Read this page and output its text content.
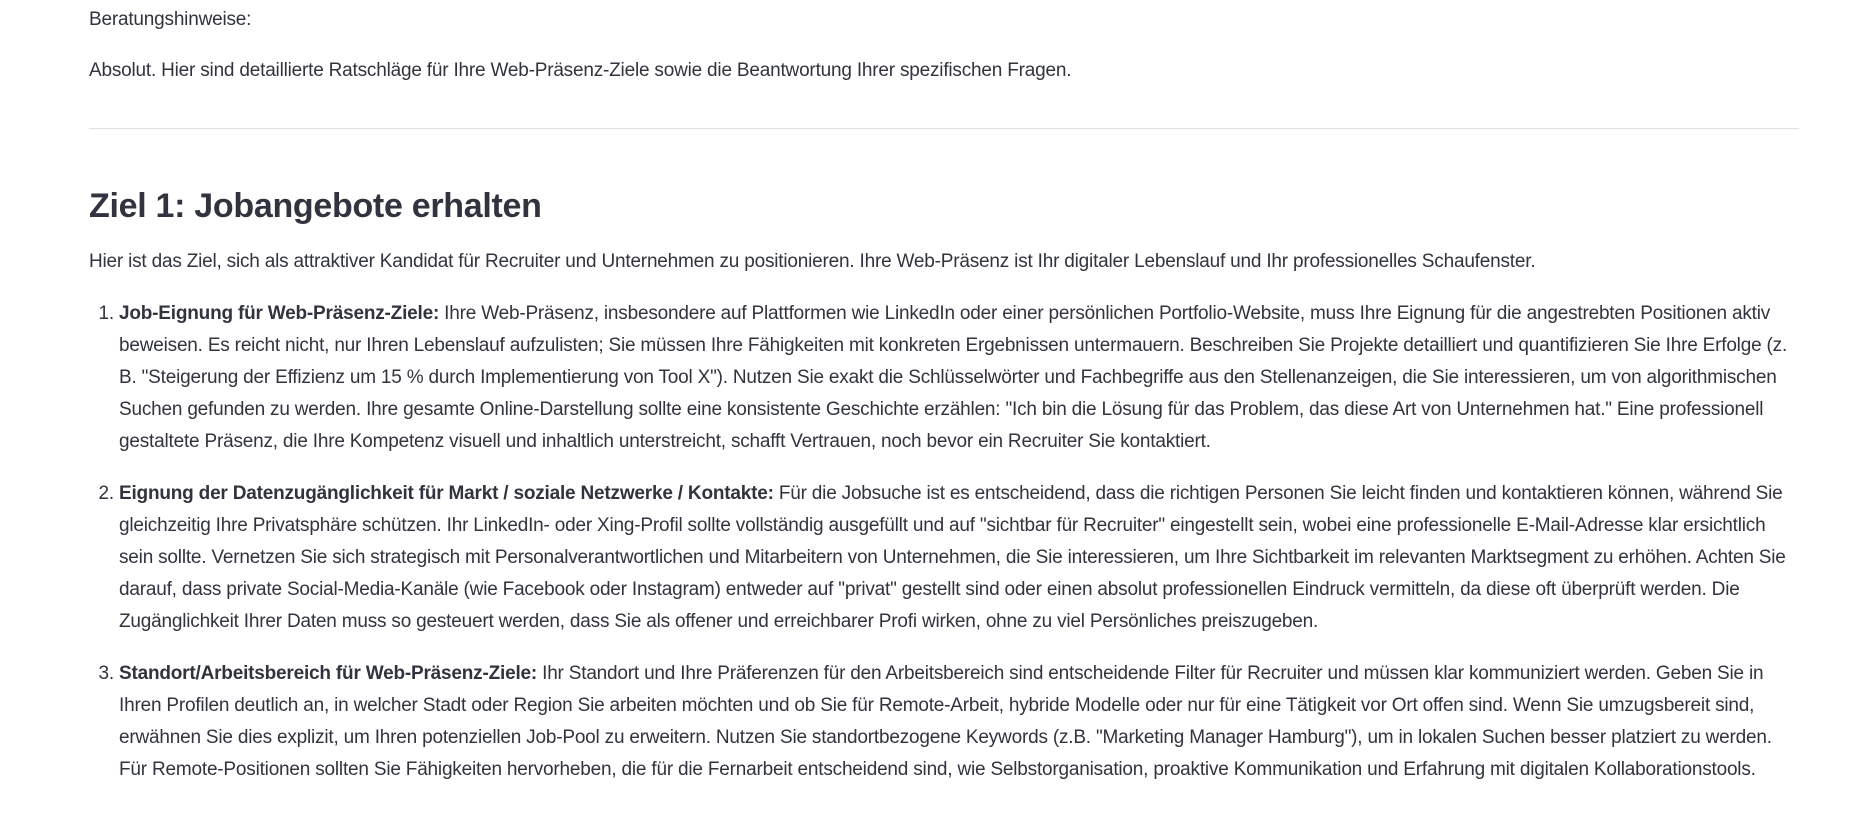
Beratungshinweise:

Absolut. Hier sind detaillierte Ratschläge für Ihre Web-Präsenz-Ziele sowie die Beantwortung Ihrer spezifischen Fragen.

Ziel 1: Jobangebote erhalten

Hier ist das Ziel, sich als attraktiver Kandidat für Recruiter und Unternehmen zu positionieren. Ihre Web-Präsenz ist Ihr digitaler Lebenslauf und Ihr professionelles Schaufenster.

1. Job-Eignung für Web-Präsenz-Ziele: Ihre Web-Präsenz, insbesondere auf Plattformen wie LinkedIn oder einer persönlichen Portfolio-Website, muss Ihre Eignung für die angestrebten Positionen aktiv beweisen. Es reicht nicht, nur Ihren Lebenslauf aufzulisten; Sie müssen Ihre Fähigkeiten mit konkreten Ergebnissen untermauern. Beschreiben Sie Projekte detailliert und quantifizieren Sie Ihre Erfolge (z. B. "Steigerung der Effizienz um 15 % durch Implementierung von Tool X"). Nutzen Sie exakt die Schlüsselwörter und Fachbegriffe aus den Stellenanzeigen, die Sie interessieren, um von algorithmischen Suchen gefunden zu werden. Ihre gesamte Online-Darstellung sollte eine konsistente Geschichte erzählen: "Ich bin die Lösung für das Problem, das diese Art von Unternehmen hat." Eine professionell gestaltete Präsenz, die Ihre Kompetenz visuell und inhaltlich unterstreicht, schafft Vertrauen, noch bevor ein Recruiter Sie kontaktiert.
2. Eignung der Datenzugänglichkeit für Markt / soziale Netzwerke / Kontakte: Für die Jobsuche ist es entscheidend, dass die richtigen Personen Sie leicht finden und kontaktieren können, während Sie gleichzeitig Ihre Privatsphäre schützen. Ihr LinkedIn- oder Xing-Profil sollte vollständig ausgefüllt und auf "sichtbar für Recruiter" eingestellt sein, wobei eine professionelle E-Mail-Adresse klar ersichtlich sein sollte. Vernetzen Sie sich strategisch mit Personalverantwortlichen und Mitarbeitern von Unternehmen, die Sie interessieren, um Ihre Sichtbarkeit im relevanten Marktsegment zu erhöhen. Achten Sie darauf, dass private Social-Media-Kanäle (wie Facebook oder Instagram) entweder auf "privat" gestellt sind oder einen absolut professionellen Eindruck vermitteln, da diese oft überprüft werden. Die Zugänglichkeit Ihrer Daten muss so gesteuert werden, dass Sie als offener und erreichbarer Profi wirken, ohne zu viel Persönliches preiszugeben.
3. Standort/Arbeitsbereich für Web-Präsenz-Ziele: Ihr Standort und Ihre Präferenzen für den Arbeitsbereich sind entscheidende Filter für Recruiter und müssen klar kommuniziert werden. Geben Sie in Ihren Profilen deutlich an, in welcher Stadt oder Region Sie arbeiten möchten und ob Sie für Remote-Arbeit, hybride Modelle oder nur für eine Tätigkeit vor Ort offen sind. Wenn Sie umzugsbereit sind, erwähnen Sie dies explizit, um Ihren potenziellen Job-Pool zu erweitern. Nutzen Sie standortbezogene Keywords (z.B. "Marketing Manager Hamburg"), um in lokalen Suchen besser platziert zu werden. Für Remote-Positionen sollten Sie Fähigkeiten hervorheben, die für die Fernarbeit entscheidend sind, wie Selbstorganisation, proaktive Kommunikation und Erfahrung mit digitalen Kollaborationstools.
